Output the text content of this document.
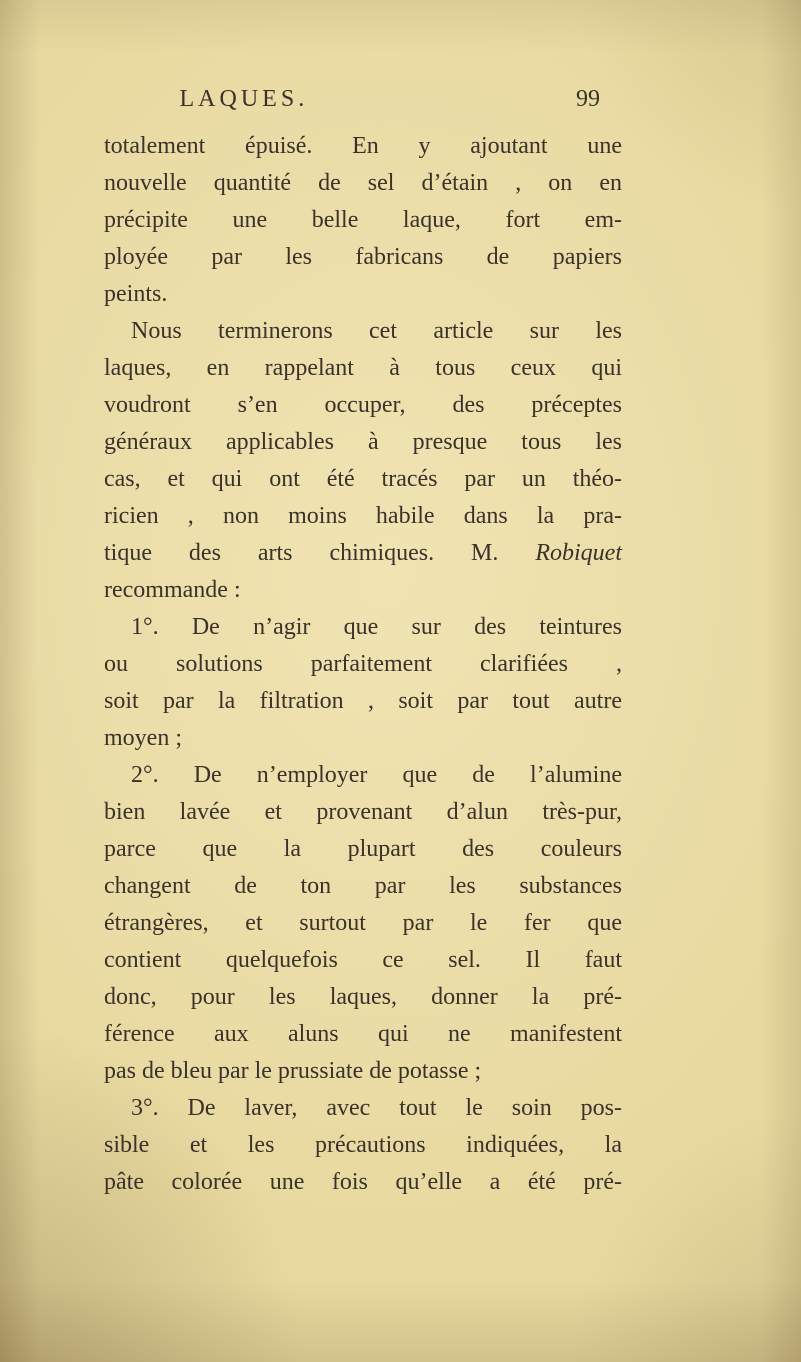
LAQUES.	99
totalement épuisé. En y ajoutant une
nouvelle quantité de sel d’étain , on en
précipite une belle laque, fort em-
ployée par les fabricans de papiers
peints.
Nous terminerons cet article sur les
laques, en rappelant à tous ceux qui
voudront s’en occuper, des préceptes
généraux applicables à presque tous les
cas, et qui ont été tracés par un théo-
ricien , non moins habile dans la pra-
tique des arts chimiques. M. Robiquet
recommande :
1°. De n’agir que sur des teintures
ou solutions parfaitement clarifiées ,
soit par la filtration , soit par tout autre
moyen ;
2°. De n’employer que de l’alumine
bien lavée et provenant d’alun très-pur,
parce que la plupart des couleurs
changent de ton par les substances
étrangères, et surtout par le fer que
contient quelquefois ce sel. Il faut
donc, pour les laques, donner la pré-
férence aux aluns qui ne manifestent
pas de bleu par le prussiate de potasse ;
3°. De laver, avec tout le soin pos-
sible et les précautions indiquées, la
pâte colorée une fois qu’elle a été pré-
